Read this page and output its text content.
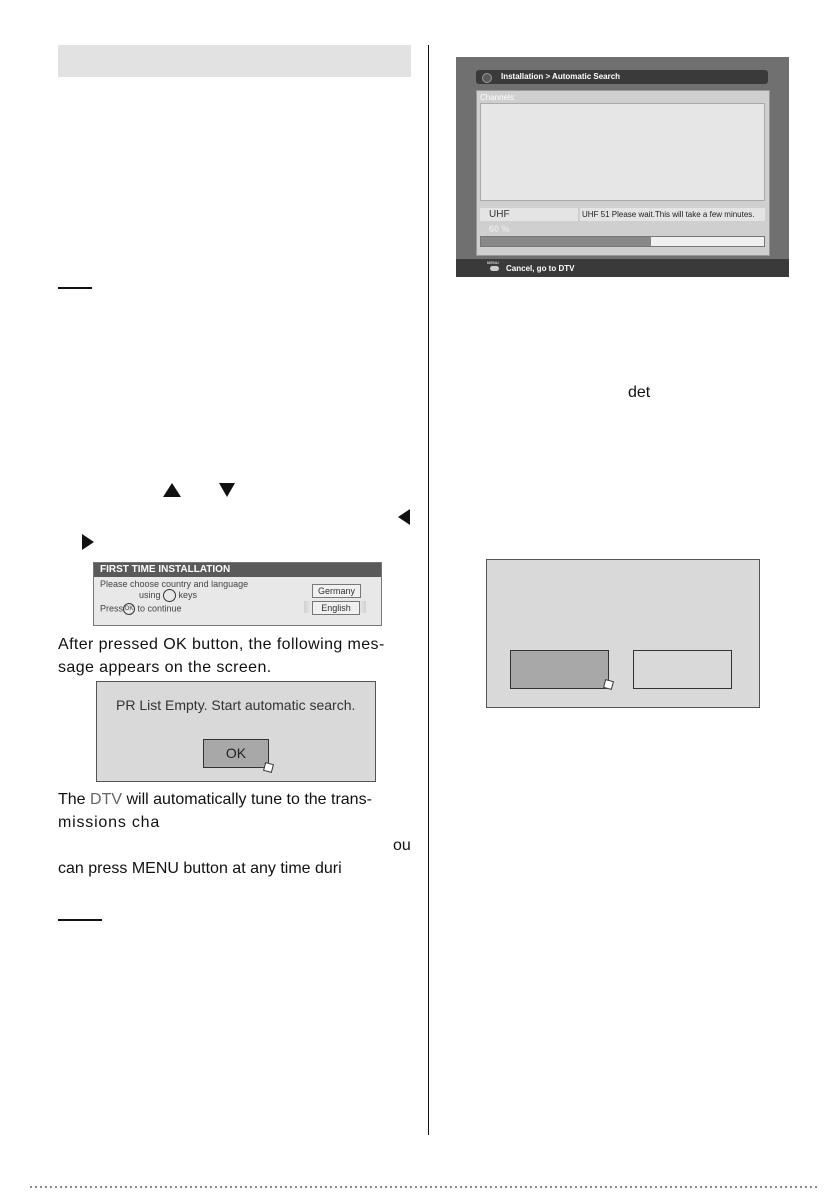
FIRST TIME INSTALLATION
Please choose country and language
using keys
Press OK to continue
Germany
English
After pressed OK button, the following mes-
sage appears on the screen.
PR List Empty. Start automatic search.
OK
The DTV will automatically tune to the trans-
missions cha
ou
can press MENU button at any time duri
Installation > Automatic Search
Channels:
UHF	UHF 51 Please wait.This will take a few minutes.
60 %
MENU
Cancel, go to DTV
det
